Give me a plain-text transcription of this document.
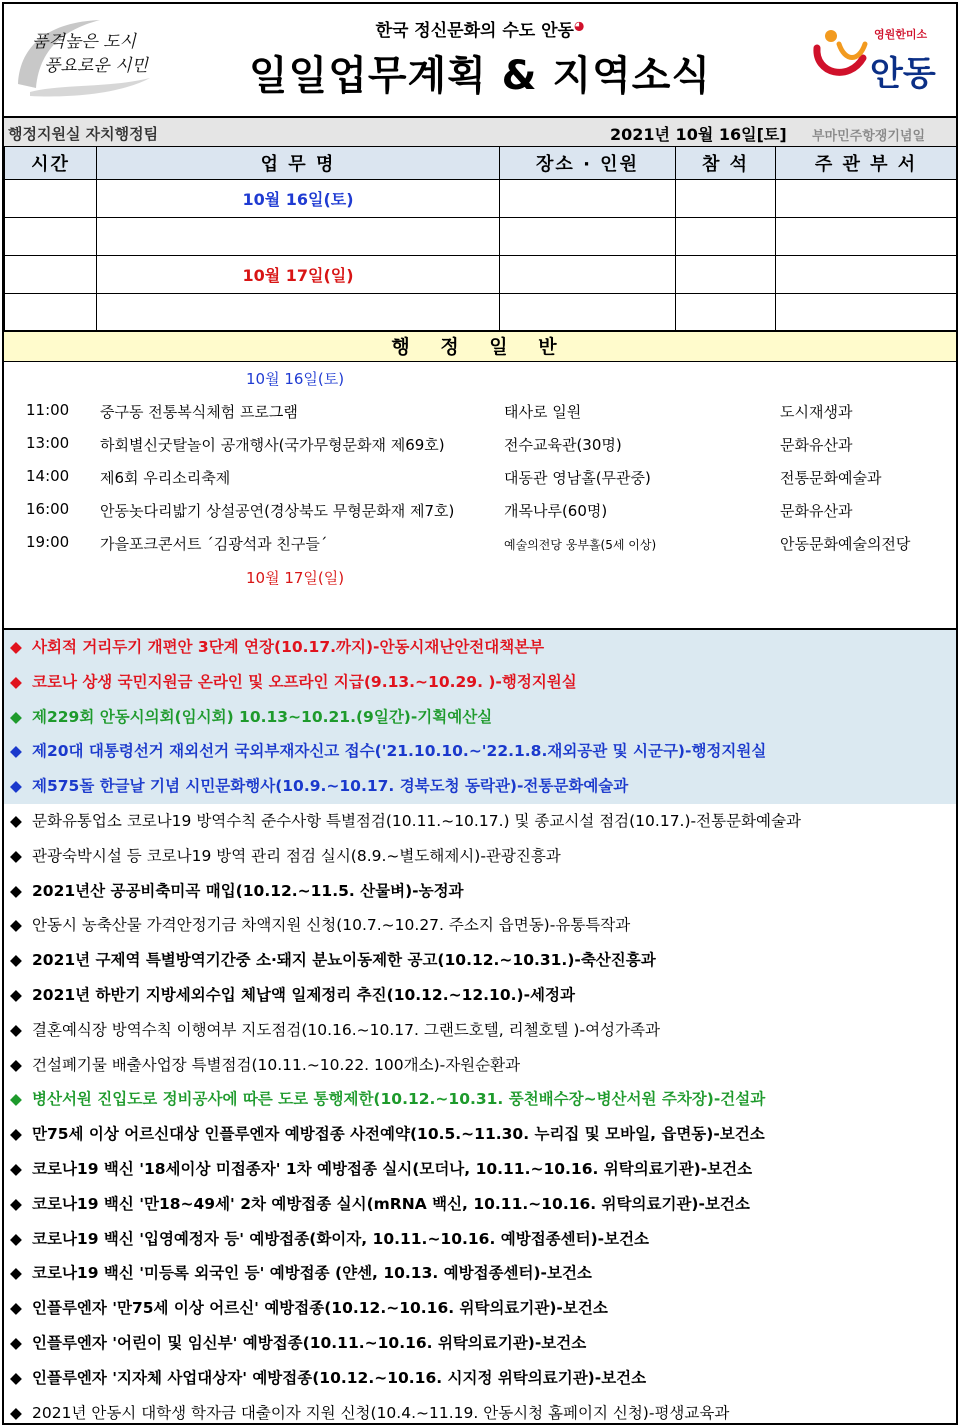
품격높은 도시
풍요로운 시민
한국 정신문화의 수도 안동◕
일일업무계획 & 지역소식
영원한미소
안동
행정지원실 자치행정팀	2021년 10월 16일[토] 부마민주항쟁기념일
시간	업 무 명	장소 · 인원	참 석	주 관 부 서
	10월 16일(토)			

	10월 17일(일)			

행 정 일 반
10월 16일(토)
11:00 중구동 전통복식체험 프로그램	태사로 일원	도시재생과
13:00 하회별신굿탈놀이 공개행사(국가무형문화재 제69호)	전수교육관(30명)	문화유산과
14:00 제6회 우리소리축제	대동관 영남홀(무관중)	전통문화예술과
16:00 안동놋다리밟기 상설공연(경상북도 무형문화재 제7호)	개목나루(60명)	문화유산과
19:00 가을포크콘서트 ´김광석과 친구들´	예술의전당 웅부홀(5세 이상)	안동문화예술의전당
10월 17일(일)
◆ 사회적 거리두기 개편안 3단계 연장(10.17.까지)-안동시재난안전대책본부
◆ 코로나 상생 국민지원금 온라인 및 오프라인 지급(9.13.~10.29. )-행정지원실
◆ 제229회 안동시의회(임시회) 10.13~10.21.(9일간)-기획예산실
◆ 제20대 대통령선거 재외선거 국외부재자신고 접수('21.10.10.~'22.1.8.재외공관 및 시군구)-행정지원실
◆ 제575돌 한글날 기념 시민문화행사(10.9.~10.17. 경북도청 동락관)-전통문화예술과
◆ 문화유통업소 코로나19 방역수칙 준수사항 특별점검(10.11.~10.17.) 및 종교시설 점검(10.17.)-전통문화예술과
◆ 관광숙박시설 등 코로나19 방역 관리 점검 실시(8.9.~별도해제시)-관광진흥과
◆ 2021년산 공공비축미곡 매입(10.12.~11.5. 산물벼)-농정과
◆ 안동시 농축산물 가격안정기금 차액지원 신청(10.7.~10.27. 주소지 읍면동)-유통특작과
◆ 2021년 구제역 특별방역기간중 소·돼지 분뇨이동제한 공고(10.12.~10.31.)-축산진흥과
◆ 2021년 하반기 지방세외수입 체납액 일제정리 추진(10.12.~12.10.)-세정과
◆ 결혼예식장 방역수칙 이행여부 지도점검(10.16.~10.17. 그랜드호텔, 리첼호텔 )-여성가족과
◆ 건설폐기물 배출사업장 특별점검(10.11.~10.22. 100개소)-자원순환과
◆ 병산서원 진입도로 정비공사에 따른 도로 통행제한(10.12.~10.31. 풍천배수장~병산서원 주차장)-건설과
◆ 만75세 이상 어르신대상 인플루엔자 예방접종 사전예약(10.5.~11.30. 누리집 및 모바일, 읍면동)-보건소
◆ 코로나19 백신 '18세이상 미접종자' 1차 예방접종 실시(모더나, 10.11.~10.16. 위탁의료기관)-보건소
◆ 코로나19 백신 '만18~49세' 2차 예방접종 실시(mRNA 백신, 10.11.~10.16. 위탁의료기관)-보건소
◆ 코로나19 백신 '입영예정자 등' 예방접종(화이자, 10.11.~10.16. 예방접종센터)-보건소
◆ 코로나19 백신 '미등록 외국인 등' 예방접종 (얀센, 10.13. 예방접종센터)-보건소
◆ 인플루엔자 '만75세 이상 어르신' 예방접종(10.12.~10.16. 위탁의료기관)-보건소
◆ 인플루엔자 '어린이 및 임신부' 예방접종(10.11.~10.16. 위탁의료기관)-보건소
◆ 인플루엔자 '지자체 사업대상자' 예방접종(10.12.~10.16. 시지정 위탁의료기관)-보건소
◆ 2021년 안동시 대학생 학자금 대출이자 지원 신청(10.4.~11.19. 안동시청 홈페이지 신청)-평생교육과
